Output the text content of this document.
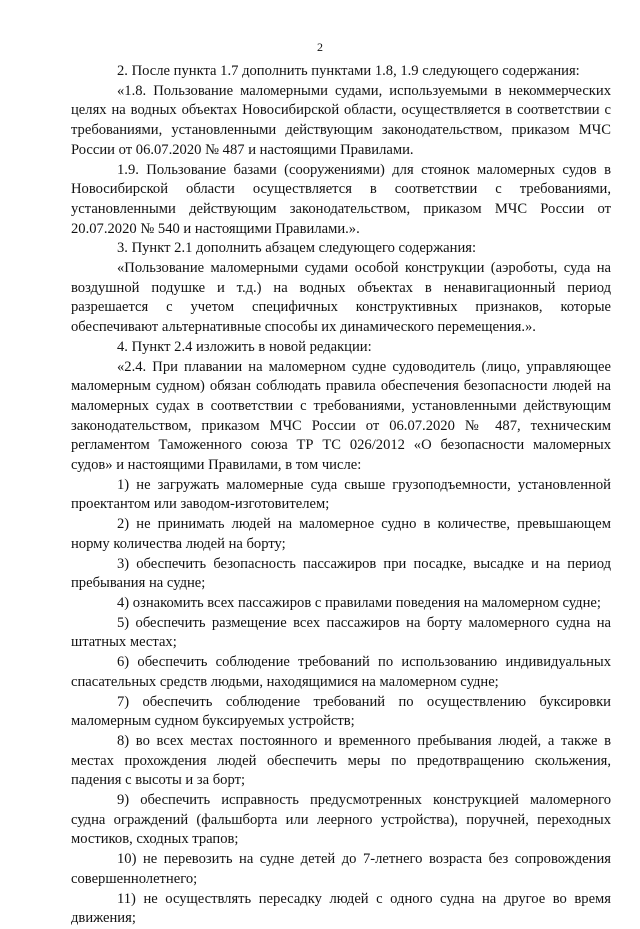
2

2. После пункта 1.7 дополнить пунктами 1.8, 1.9 следующего содержания:

«1.8. Пользование маломерными судами, используемыми в некоммерческих целях на водных объектах Новосибирской области, осуществляется в соответствии с требованиями, установленными действующим законодательством, приказом МЧС России от 06.07.2020 № 487 и настоящими Правилами.

1.9. Пользование базами (сооружениями) для стоянок маломерных судов в Новосибирской области осуществляется в соответствии с требованиями, установленными действующим законодательством, приказом МЧС России от 20.07.2020 № 540 и настоящими Правилами.».

3. Пункт 2.1 дополнить абзацем следующего содержания:

«Пользование маломерными судами особой конструкции (аэроботы, суда на воздушной подушке и т.д.) на водных объектах в ненавигационный период разрешается с учетом специфичных конструктивных признаков, которые обеспечивают альтернативные способы их динамического перемещения.».

4. Пункт 2.4 изложить в новой редакции:

«2.4. При плавании на маломерном судне судоводитель (лицо, управляющее маломерным судном) обязан соблюдать правила обеспечения безопасности людей на маломерных судах в соответствии с требованиями, установленными действующим законодательством, приказом МЧС России от 06.07.2020 № 487, техническим регламентом Таможенного союза ТР ТС 026/2012 «О безопасности маломерных судов» и настоящими Правилами, в том числе:

1) не загружать маломерные суда свыше грузоподъемности, установленной проектантом или заводом-изготовителем;

2) не принимать людей на маломерное судно в количестве, превышающем норму количества людей на борту;

3) обеспечить безопасность пассажиров при посадке, высадке и на период пребывания на судне;

4) ознакомить всех пассажиров с правилами поведения на маломерном судне;

5) обеспечить размещение всех пассажиров на борту маломерного судна на штатных местах;

6) обеспечить соблюдение требований по использованию индивидуальных спасательных средств людьми, находящимися на маломерном судне;

7) обеспечить соблюдение требований по осуществлению буксировки маломерным судном буксируемых устройств;

8) во всех местах постоянного и временного пребывания людей, а также в местах прохождения людей обеспечить меры по предотвращению скольжения, падения с высоты и за борт;

9) обеспечить исправность предусмотренных конструкцией маломерного судна ограждений (фальшборта или леерного устройства), поручней, переходных мостиков, сходных трапов;

10) не перевозить на судне детей до 7-летнего возраста без сопровождения совершеннолетнего;

11) не осуществлять пересадку людей с одного судна на другое во время движения;
